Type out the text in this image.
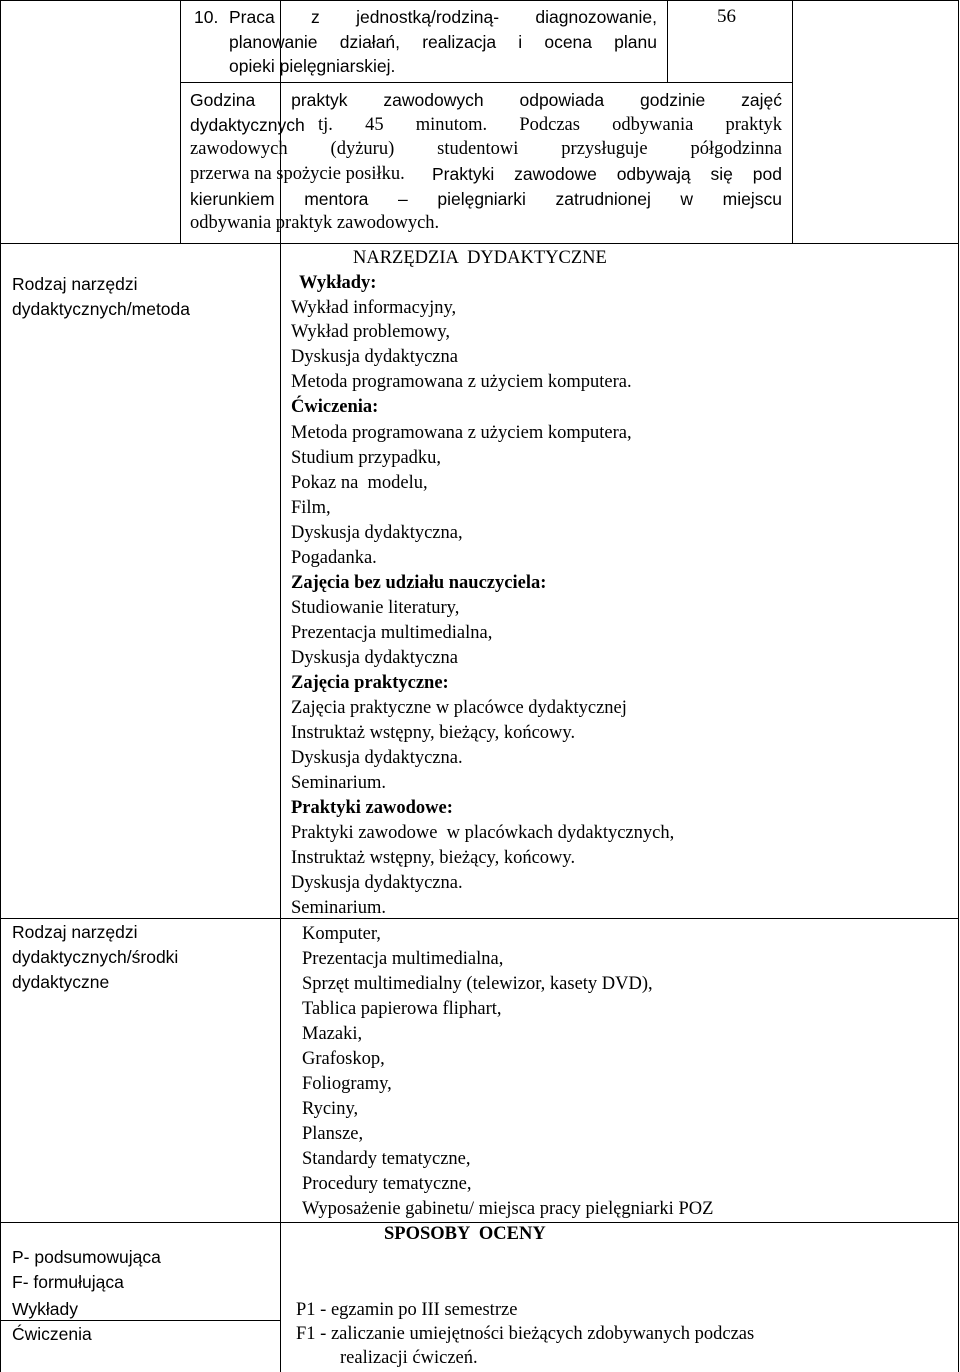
56
10. Praca z jednostką/rodziną- diagnozowanie,
planowanie działań, realizacja i ocena planu
opieki pielęgniarskiej.
Godzina praktyk zawodowych odpowiada godzinie zajęć
dydaktycznych tj. 45 minutom. Podczas odbywania praktyk
zawodowych (dyżuru) studentowi przysługuje półgodzinna
przerwa na spożycie posiłku. Praktyki zawodowe odbywają się pod
kierunkiem mentora – pielęgniarki zatrudnionej w miejscu
odbywania praktyk zawodowych.
Rodzaj narzędzi
dydaktycznych/metoda
Rodzaj narzędzi
dydaktycznych/środki
dydaktyczne
P- podsumowująca
F- formułująca
Wykłady
Ćwiczenia
NARZĘDZIA  DYDAKTYCZNE
Wykłady:
Wykład informacyjny,
Wykład problemowy,
Dyskusja dydaktyczna
Metoda programowana z użyciem komputera.
Ćwiczenia:
Metoda programowana z użyciem komputera,
Studium przypadku,
Pokaz na  modelu,
Film,
Dyskusja dydaktyczna,
Pogadanka.
Zajęcia bez udziału nauczyciela:
Studiowanie literatury,
Prezentacja multimedialna,
Dyskusja dydaktyczna
Zajęcia praktyczne:
Zajęcia praktyczne w placówce dydaktycznej
Instruktaż wstępny, bieżący, końcowy.
Dyskusja dydaktyczna.
Seminarium.
Praktyki zawodowe:
Praktyki zawodowe  w placówkach dydaktycznych,
Instruktaż wstępny, bieżący, końcowy.
Dyskusja dydaktyczna.
Seminarium.
Komputer,
Prezentacja multimedialna,
Sprzęt multimedialny (telewizor, kasety DVD),
Tablica papierowa fliphart,
Mazaki,
Grafoskop,
Foliogramy,
Ryciny,
Plansze,
Standardy tematyczne,
Procedury tematyczne,
Wyposażenie gabinetu/ miejsca pracy pielęgniarki POZ
SPOSOBY  OCENY
P1 - egzamin po III semestrze
F1 - zaliczanie umiejętności bieżących zdobywanych podczas
realizacji ćwiczeń.
